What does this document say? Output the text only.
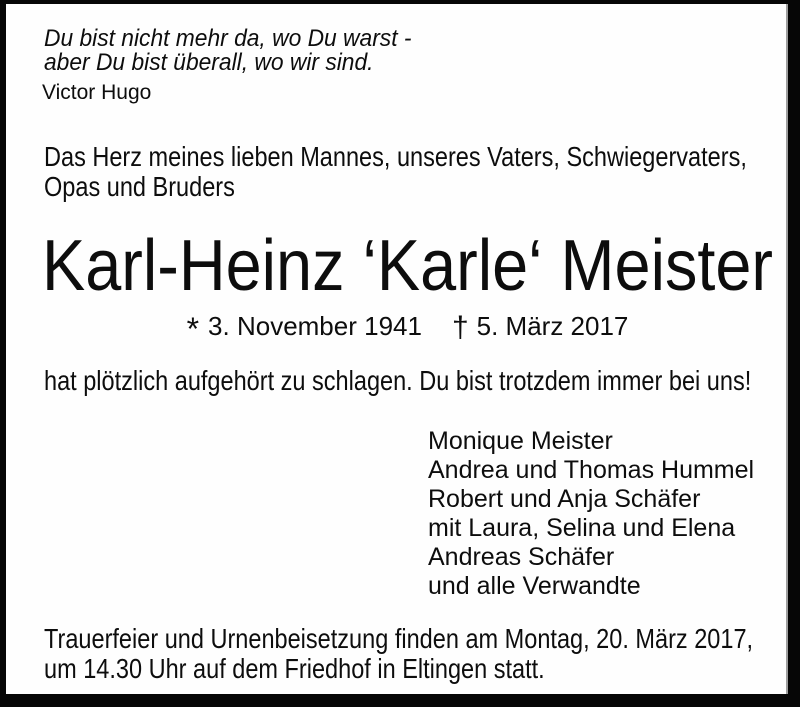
Du bist nicht mehr da, wo Du warst -
aber Du bist überall, wo wir sind.
Victor Hugo
Das Herz meines lieben Mannes, unseres Vaters, Schwiegervaters,
Opas und Bruders
Karl-Heinz ‘Karle‘ Meister
* 3. November 1941 † 5. März 2017
hat plötzlich aufgehört zu schlagen. Du bist trotzdem immer bei uns!
Monique Meister
Andrea und Thomas Hummel
Robert und Anja Schäfer
mit Laura, Selina und Elena
Andreas Schäfer
und alle Verwandte
Trauerfeier und Urnenbeisetzung finden am Montag, 20. März 2017,
um 14.30 Uhr auf dem Friedhof in Eltingen statt.
